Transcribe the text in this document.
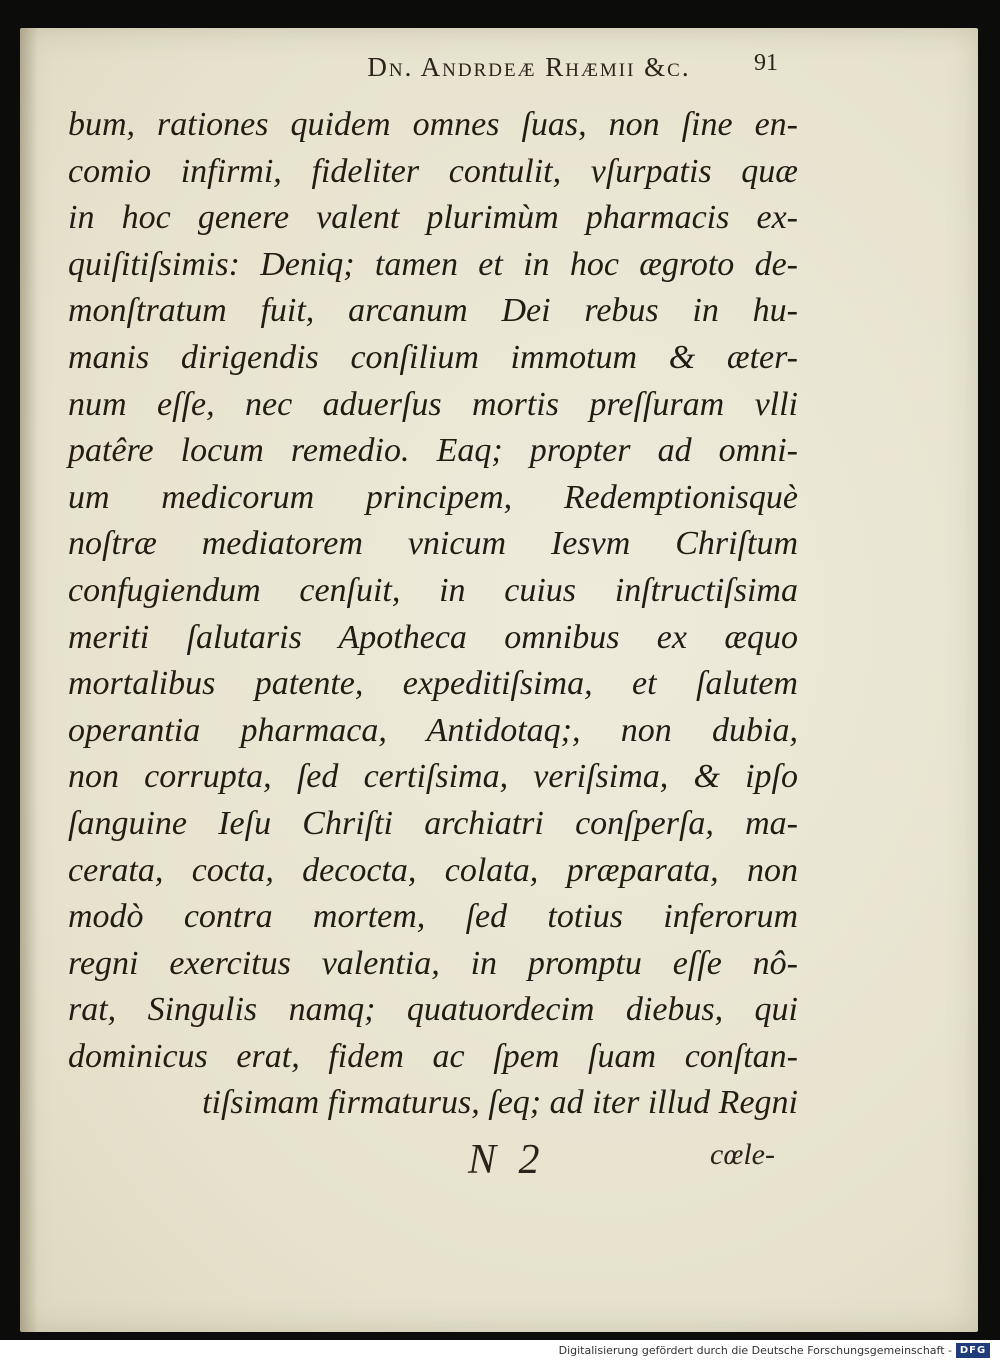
Dn. Andrdeæ Rhæmii &c.	91
bum, rationes quidem omnes ſuas, non ſine en-
comio infirmi, fideliter contulit, vſurpatis quæ
in hoc genere valent plurimùm pharmacis ex-
quiſitiſsimis: Deniq; tamen et in hoc ægroto de-
monſtratum fuit, arcanum Dei rebus in hu-
manis dirigendis conſilium immotum & æter-
num eſſe, nec aduerſus mortis preſſuram vlli
patêre locum remedio. Eaq; propter ad omni-
um medicorum principem, Redemptionisquè
noſtræ mediatorem vnicum Iesvm Chriſtum
confugiendum cenſuit, in cuius inſtructiſsima
meriti ſalutaris Apotheca omnibus ex æquo
mortalibus patente, expeditiſsima, et ſalutem
operantia pharmaca, Antidotaq;, non dubia,
non corrupta, ſed certiſsima, veriſsima, & ipſo
ſanguine Ieſu Chriſti archiatri conſperſa, ma-
cerata, cocta, decocta, colata, præparata, non
modò contra mortem, ſed totius inferorum
regni exercitus valentia, in promptu eſſe nô-
rat, Singulis namq; quatuordecim diebus, qui
dominicus erat, fidem ac ſpem ſuam conſtan-
tiſsimam firmaturus, ſeq; ad iter illud Regni
N 2	cœle-
Digitalisierung gefördert durch die Deutsche Forschungsgemeinschaft - DFG
